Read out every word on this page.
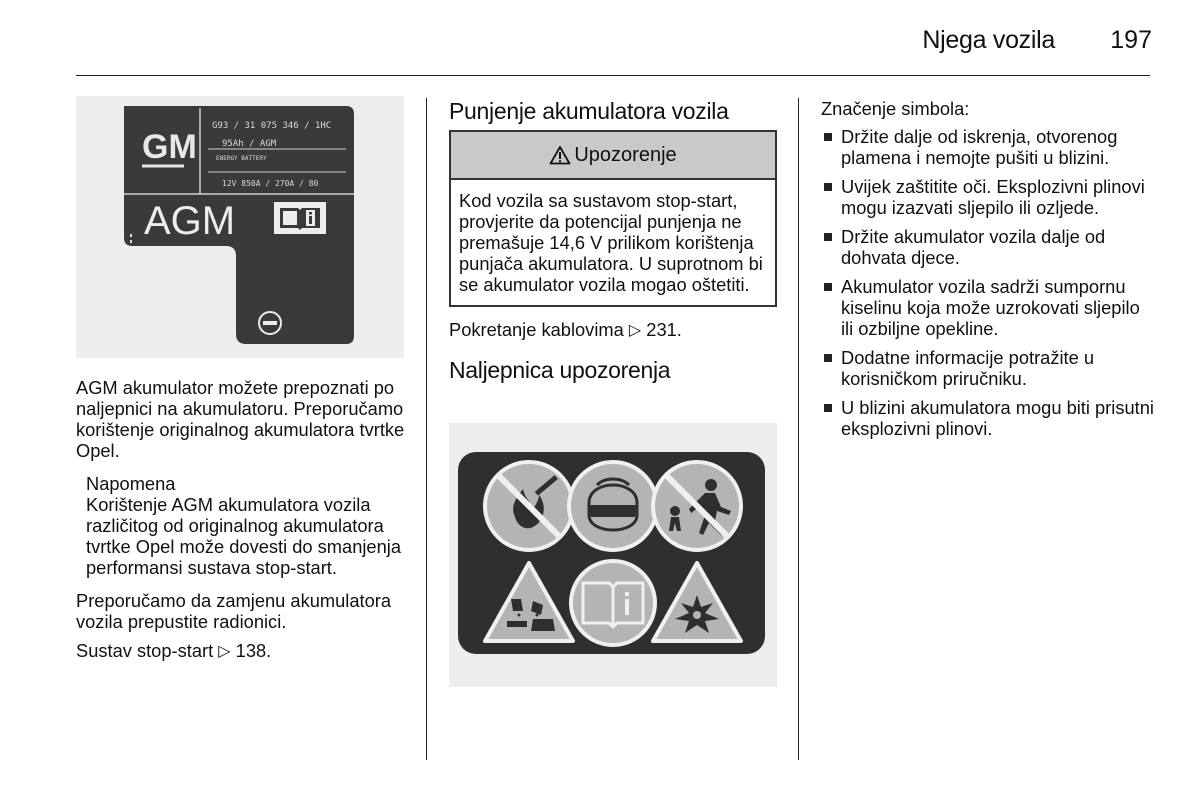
Njega vozila	197
GM
G93 / 31 075 346 / 1HC
95Ah / AGM
ENERGY BATTERY
12V 850A / 270A / 80
AGM

AGM akumulator možete prepoznati po naljepnici na akumulatoru. Preporučamo korištenje originalnog akumulatora tvrtke Opel.

Napomena
Korištenje AGM akumulatora vozila različitog od originalnog akumulatora tvrtke Opel može dovesti do smanjenja performansi sustava stop-start.

Preporučamo da zamjenu akumulatora vozila prepustite radionici.

Sustav stop-start ▷ 138.

Punjenje akumulatora vozila
Upozorenje
Kod vozila sa sustavom stop-start, provjerite da potencijal punjenja ne premašuje 14,6 V prilikom korištenja punjača akumulatora. U suprotnom bi se akumulator vozila mogao oštetiti.

Pokretanje kablovima ▷ 231.

Naljepnica upozorenja

Značenje simbola:

Držite dalje od iskrenja, otvorenog plamena i nemojte pušiti u blizini.
Uvijek zaštitite oči. Eksplozivni plinovi mogu izazvati sljepilo ili ozljede.
Držite akumulator vozila dalje od dohvata djece.
Akumulator vozila sadrži sumpornu kiselinu koja može uzrokovati sljepilo ili ozbiljne opekline.
Dodatne informacije potražite u korisničkom priručniku.
U blizini akumulatora mogu biti prisutni eksplozivni plinovi.
